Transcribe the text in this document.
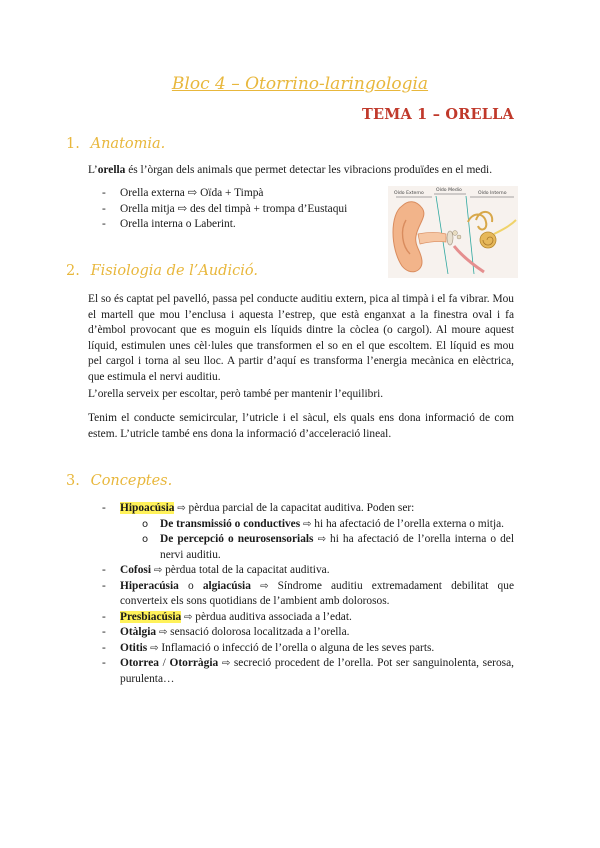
Bloc 4 – Otorrino-laringologia
TEMA 1 – ORELLA
1. Anatomia.

L’orella és l’òrgan dels animals que permet detectar les vibracions produïdes en el medi.

- Orella externa ⇨ Oïda + Timpà
- Orella mitja ⇨ des del timpà + trompa d’Eustaqui
- Orella interna o Laberint.
Oído Externo
Oído Medio
Oído Interno
2. Fisiologia de l’Audició.

El so és captat pel pavelló, passa pel conducte auditiu extern, pica al timpà i el fa vibrar. Mou el martell que mou l’enclusa i aquesta l’estrep, que està enganxat a la finestra oval i fa d’èmbol provocant que es moguin els líquids dintre la còclea (o cargol). Al moure aquest líquid, estimulen unes cèl·lules que transformen el so en el que escoltem. El líquid es mou pel cargol i torna al seu lloc. A partir d’aquí es transforma l’energia mecànica en elèctrica, que estimula el nervi auditiu.

L’orella serveix per escoltar, però també per mantenir l’equilibri.

Tenim el conducte semicircular, l’utricle i el sàcul, els quals ens dona informació de com estem. L’utricle també ens dona la informació d’acceleració lineal.

3. Conceptes.
- Hipoacúsia ⇨ pèrdua parcial de la capacitat auditiva. Poden ser:
o De transmissió o conductives ⇨ hi ha afectació de l’orella externa o mitja.
o De percepció o neurosensorials ⇨ hi ha afectació de l’orella interna o del nervi auditiu.
- Cofosi ⇨ pèrdua total de la capacitat auditiva.
- Hiperacúsia o algiacúsia ⇨ Síndrome auditiu extremadament debilitat que converteix els sons quotidians de l’ambient amb dolorosos.
- Presbiacúsia ⇨ pèrdua auditiva associada a l’edat.
- Otàlgia ⇨ sensació dolorosa localitzada a l’orella.
- Otitis ⇨ Inflamació o infecció de l’orella o alguna de les seves parts.
- Otorrea / Otorràgia ⇨ secreció procedent de l’orella. Pot ser sanguinolenta, serosa, purulenta…
